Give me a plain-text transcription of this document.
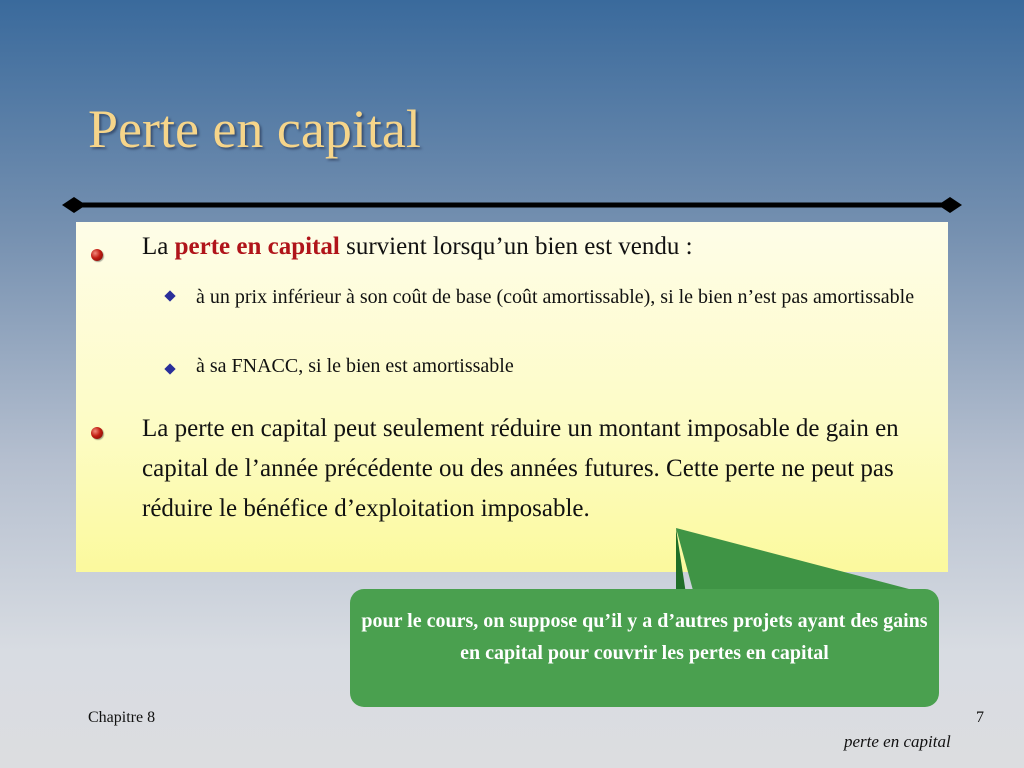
Perte en capital
La perte en capital survient lorsqu’un bien est vendu :
à un prix inférieur à son coût de base (coût amortissable), si le bien n’est pas amortissable
à sa FNACC, si le bien est amortissable
La perte en capital peut seulement réduire un montant imposable de gain en capital de l’année précédente ou des années futures. Cette perte ne peut pas réduire le bénéfice d’exploitation imposable.
pour le cours, on suppose qu’il y a d’autres projets ayant des gains en capital pour couvrir les pertes en capital
Chapitre 8	7
perte en capital
